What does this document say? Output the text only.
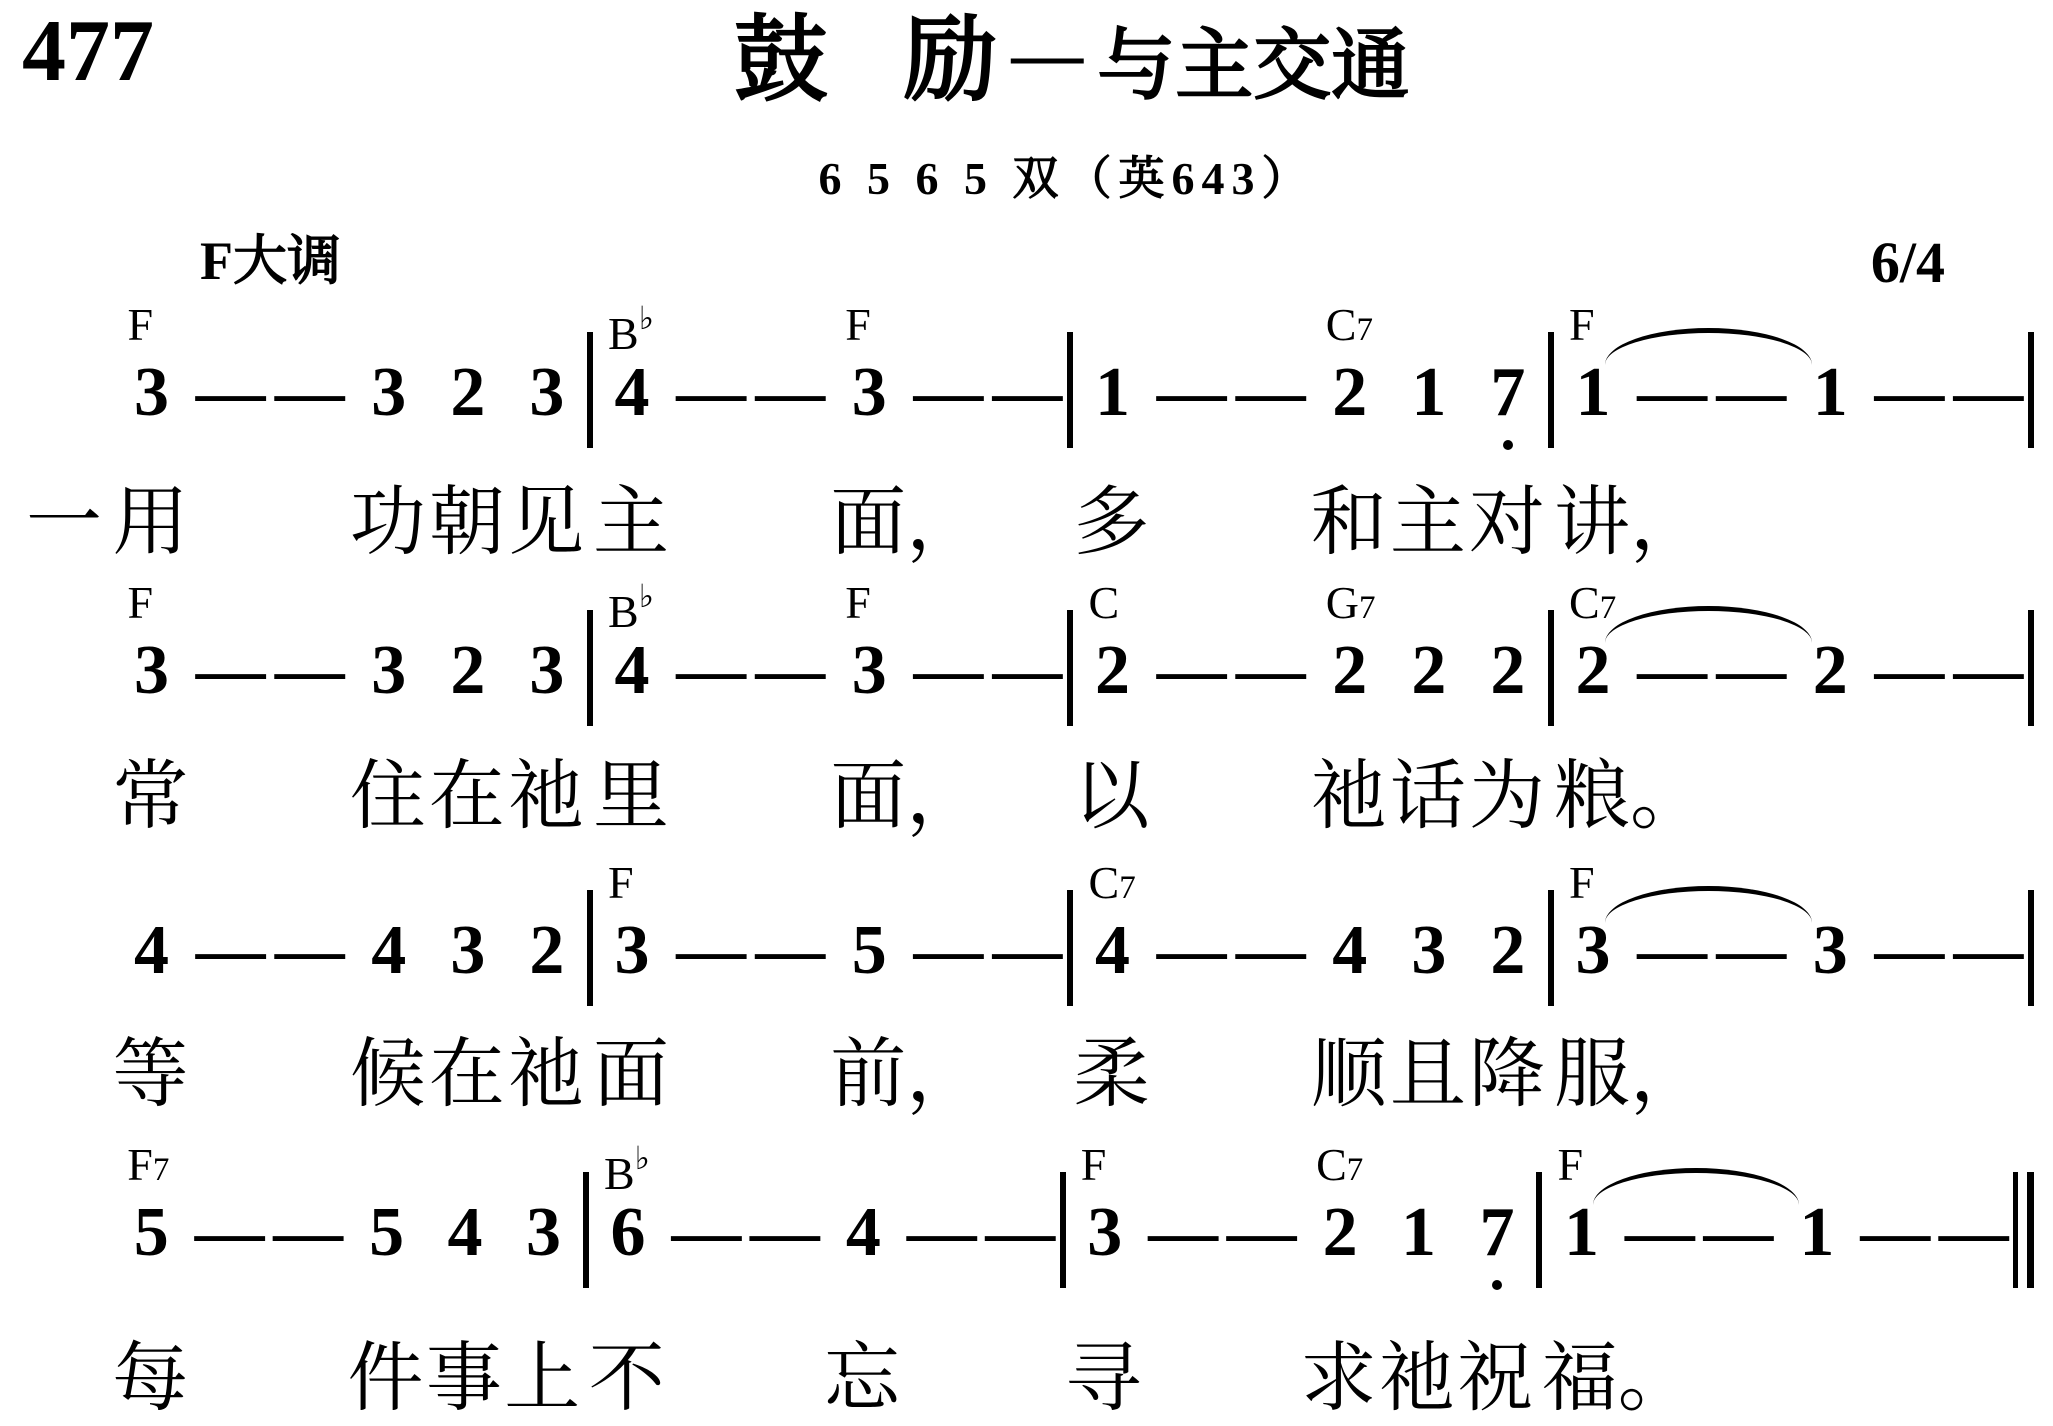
477	鼓 励 — 与主交通
6 5 6 5 双（英643）
F大调	6/4
F
3 — — 3 2 3
B♭	F
4 — — 3 — —
C7
1 — — 2 1 7
F
1 — — 1 — —
用 功 朝 见 主 面， 多 和 主 对 讲，
一
F
3 — — 3 2 3
B♭	F
4 — — 3 — —
C	G7
2 — — 2 2 2
C7
2 — — 2 — —
常 住 在 祂 里 面， 以 祂 话 为 粮。
4 — — 4 3 2
F
3 — — 5 — —
C7
4 — — 4 3 2
F
3 — — 3 — —
等 候 在 祂 面 前， 柔 顺 且 降 服，
F7
5 — — 5 4 3
B♭
6 — — 4 — —
F	C7
3 — — 2 1 7
F
1 — — 1 — —
每 件 事 上 不 忘 寻 求 祂 祝 福。
